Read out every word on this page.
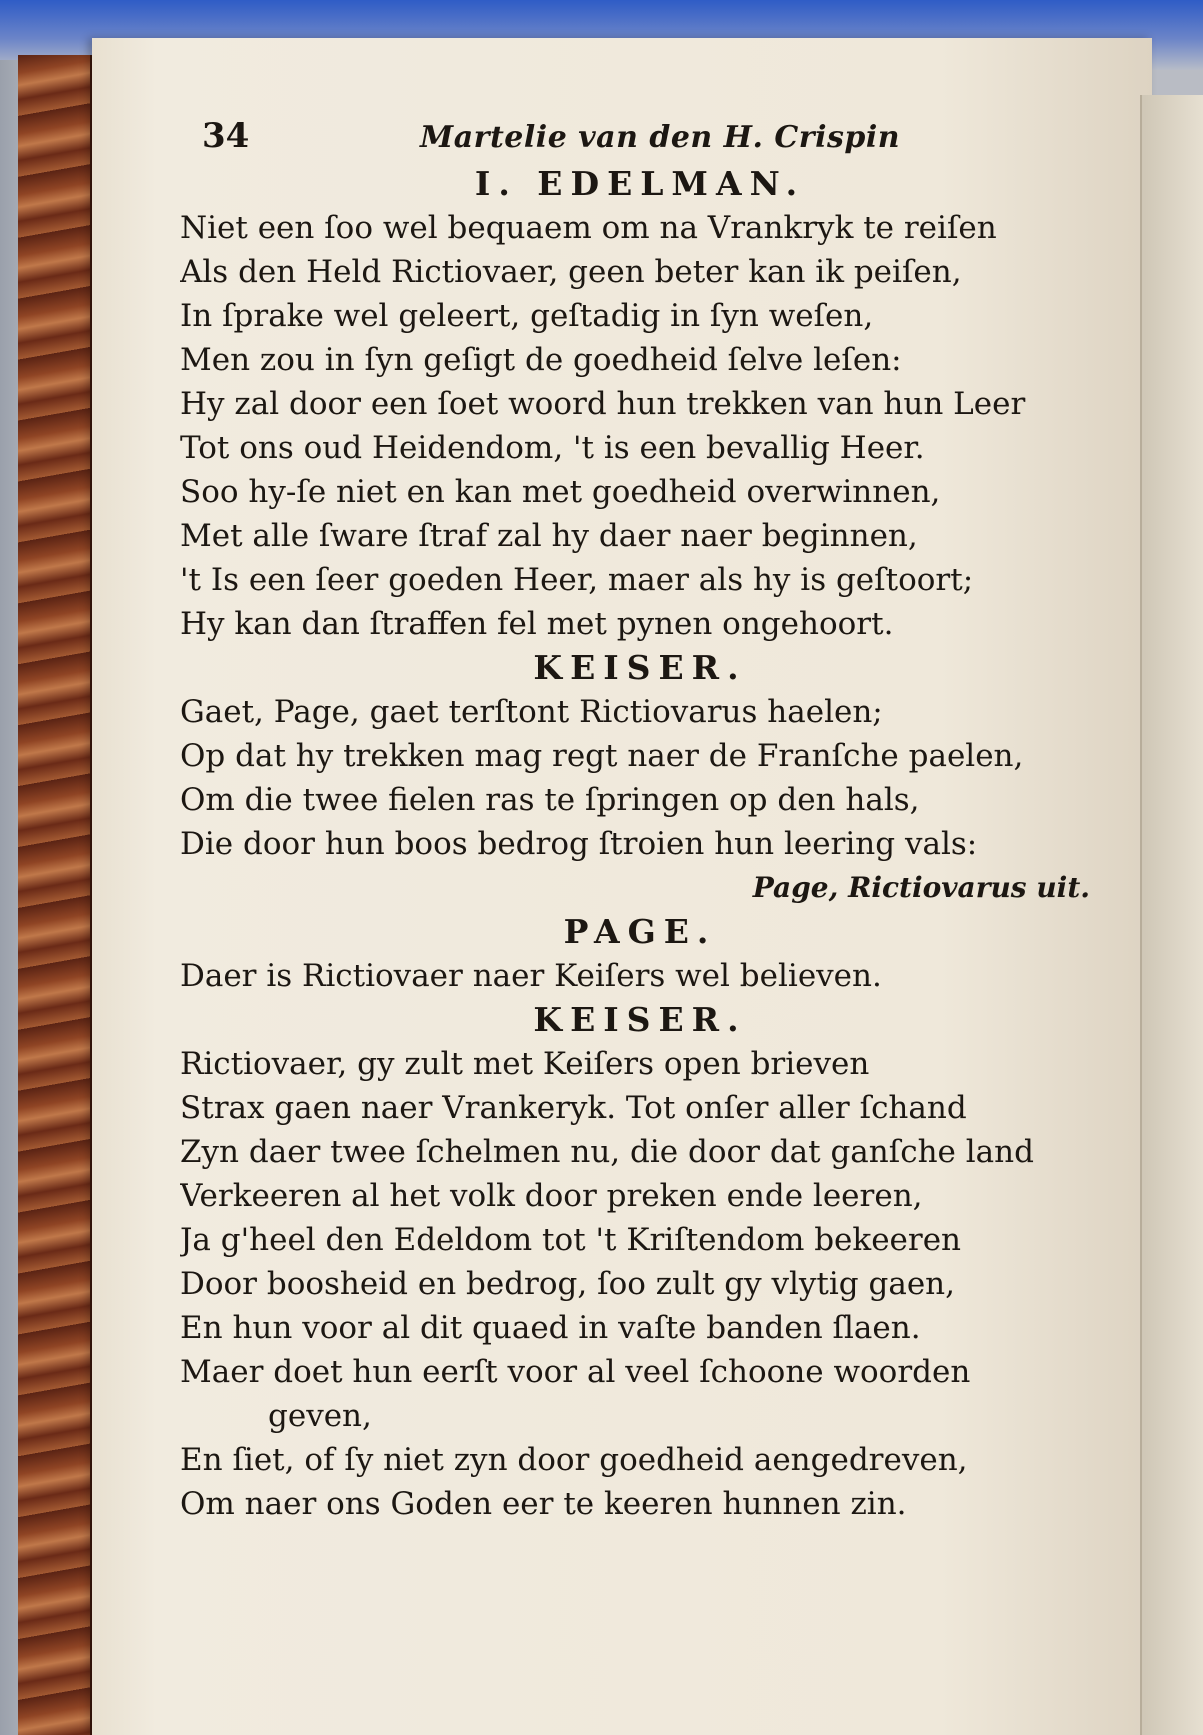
34	Martelie van den H. Crispin
I. EDELMAN.
Niet een ſoo wel bequaem om na Vrankryk te reiſen
Als den Held Rictiovaer, geen beter kan ik peiſen,
In ſprake wel geleert, geſtadig in ſyn weſen,
Men zou in ſyn geſigt de goedheid ſelve leſen:
Hy zal door een ſoet woord hun trekken van hun Leer
Tot ons oud Heidendom, 't is een bevallig Heer.
Soo hy-ſe niet en kan met goedheid overwinnen,
Met alle ſware ſtraf zal hy daer naer beginnen,
't Is een ſeer goeden Heer, maer als hy is geſtoort;
Hy kan dan ſtraffen fel met pynen ongehoort.
KEISER.
Gaet, Page, gaet terſtont Rictiovarus haelen;
Op dat hy trekken mag regt naer de Franſche paelen,
Om die twee fielen ras te ſpringen op den hals,
Die door hun boos bedrog ſtroien hun leering vals:
Page, Rictiovarus uit.
PAGE.
Daer is Rictiovaer naer Keiſers wel believen.
KEISER.
Rictiovaer, gy zult met Keiſers open brieven
Strax gaen naer Vrankeryk. Tot onſer aller ſchand
Zyn daer twee ſchelmen nu, die door dat ganſche land
Verkeeren al het volk door preken ende leeren,
Ja g'heel den Edeldom tot 't Kriſtendom bekeeren
Door boosheid en bedrog, ſoo zult gy vlytig gaen,
En hun voor al dit quaed in vaſte banden ſlaen.
Maer doet hun eerſt voor al veel ſchoone woorden
geven,
En ſiet, of ſy niet zyn door goedheid aengedreven,
Om naer ons Goden eer te keeren hunnen zin.
